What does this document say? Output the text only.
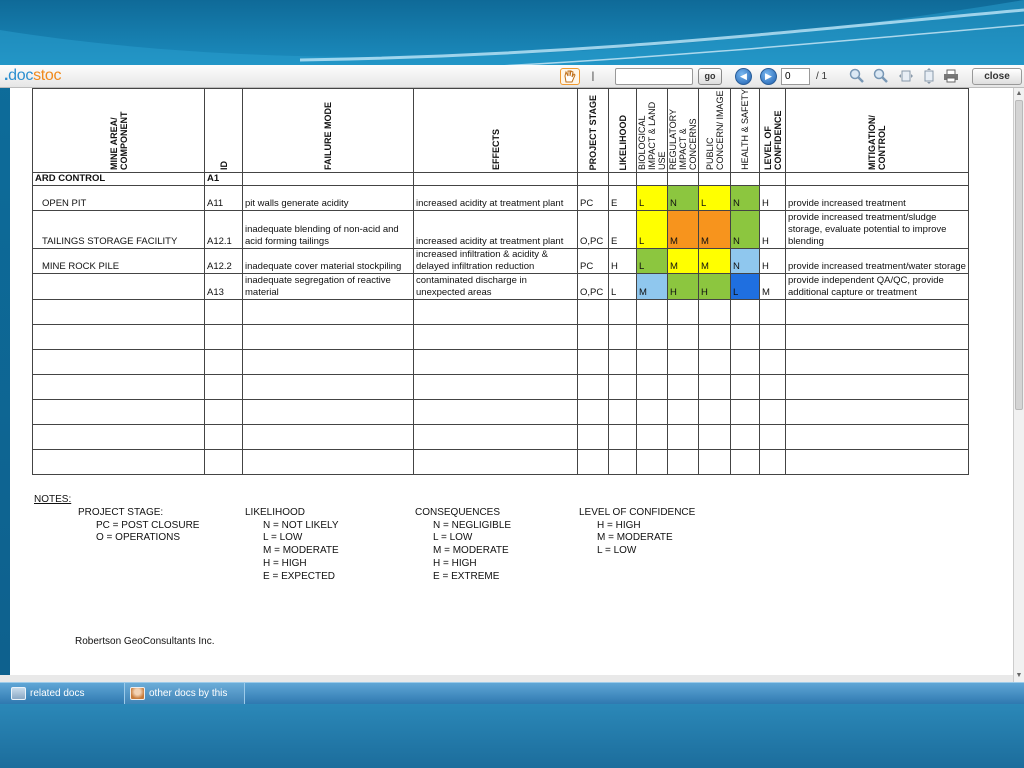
.docstoc	I	go	◀	▶	0	/ 1	close
MINE AREA/ COMPONENT	ID	FAILURE MODE	EFFECTS	PROJECT STAGE	LIKELIHOOD	BIOLOGICAL IMPACT & LAND USE	REGULATORY IMPACT & CONCERNS	PUBLIC CONCERN/ IMAGE	HEALTH & SAFETY	LEVEL OF CONFIDENCE	MITIGATION/ CONTROL

ARD CONTROL	A1										
OPEN PIT	A11	pit walls generate acidity	increased acidity at treatment plant	PC	E	L	N	L	N	H	provide increased treatment
TAILINGS STORAGE FACILITY	A12.1	inadequate blending of non-acid and acid forming tailings	increased acidity at treatment plant	O,PC	E	L	M	M	N	H	provide increased treatment/sludge storage, evaluate potential to improve blending
MINE ROCK PILE	A12.2	inadequate cover material stockpiling	increased infiltration & acidity & delayed infiltration reduction	PC	H	L	M	M	N	H	provide increased treatment/water storage
	A13	inadequate segregation of reactive material	contaminated discharge in unexpected areas	O,PC	L	M	H	H	L	M	provide independent QA/QC, provide additional capture or treatment

NOTES:
PROJECT STAGE:
PC = POST CLOSURE
O = OPERATIONS
LIKELIHOOD
N = NOT LIKELY
L = LOW
M = MODERATE
H = HIGH
E = EXPECTED
CONSEQUENCES
N = NEGLIGIBLE
L = LOW
M = MODERATE
H = HIGH
E = EXTREME
LEVEL OF CONFIDENCE
H = HIGH
M = MODERATE
L = LOW
Robertson GeoConsultants Inc.
▲
▼
related docs	other docs by this
